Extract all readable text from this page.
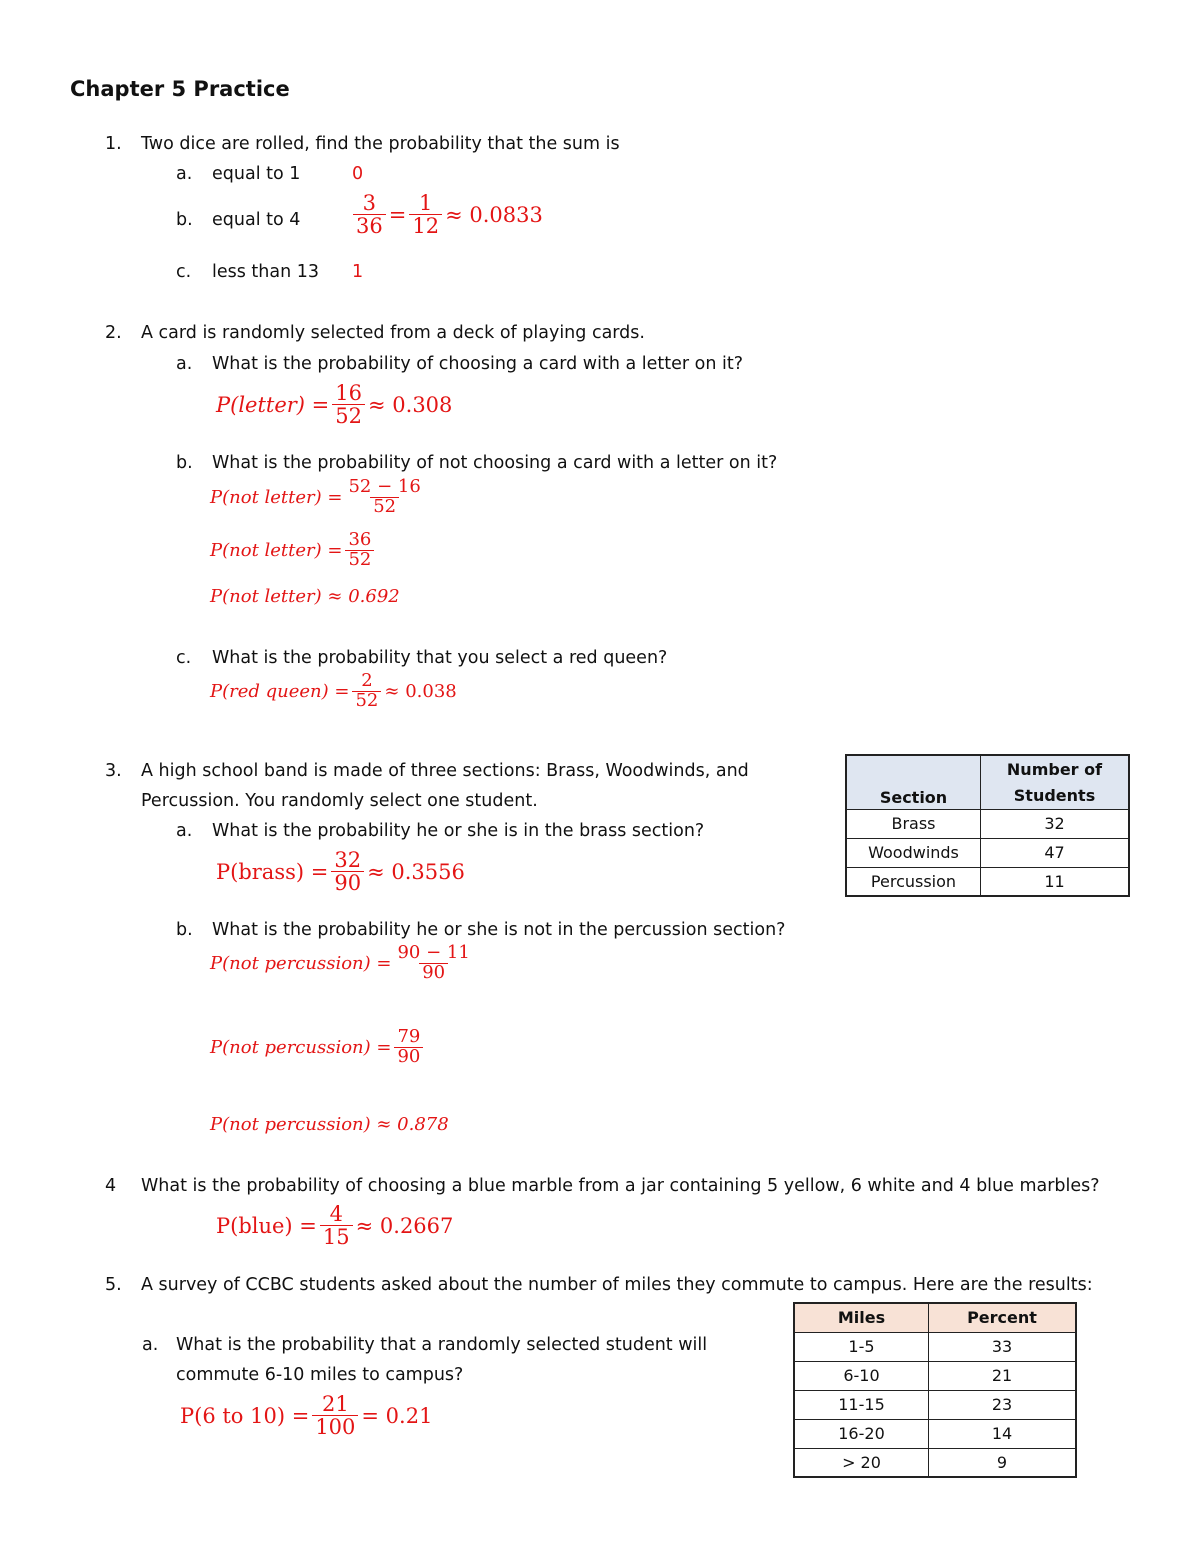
Chapter 5 Practice
1. Two dice are rolled, find the probability that the sum is
a. equal to 1	0
b. equal to 4	$\frac{3}{36} = \frac{1}{12} \approx 0.0833$
c. less than 13 1
2. A card is randomly selected from a deck of playing cards.
a. What is the probability of choosing a card with a letter on it?
P(letter) = $\frac{16}{52} \approx 0.308$
b. What is the probability of not choosing a card with a letter on it?
P(not letter) = $\frac{52 - 16}{52}$
P(not letter) = $\frac{36}{52}$
P(not letter) ≈ 0.692
c. What is the probability that you select a red queen?
P(red queen) = $\frac{2}{52} \approx 0.038$
3. A high school band is made of three sections: Brass, Woodwinds, and
Percussion. You randomly select one student.
a. What is the probability he or she is in the brass section?
P(brass) = $\frac{32}{90} \approx 0.3556$
b. What is the probability he or she is not in the percussion section?
P(not percussion) = $\frac{90 - 11}{90}$
P(not percussion) = $\frac{79}{90}$
P(not percussion) ≈ 0.878
Section	Number of
Students
Brass	32
Woodwinds	47
Percussion	11
4 What is the probability of choosing a blue marble from a jar containing 5 yellow, 6 white and 4 blue marbles?
P(blue) = $\frac{4}{15} \approx 0.2667$
5. A survey of CCBC students asked about the number of miles they commute to campus. Here are the results:
a. What is the probability that a randomly selected student will
commute 6-10 miles to campus?
P(6 to $10) = \frac{21}{100} = 0.21$
Miles	Percent
1-5	33
6-10	21
11-15	23
16-20	14
> 20	9
